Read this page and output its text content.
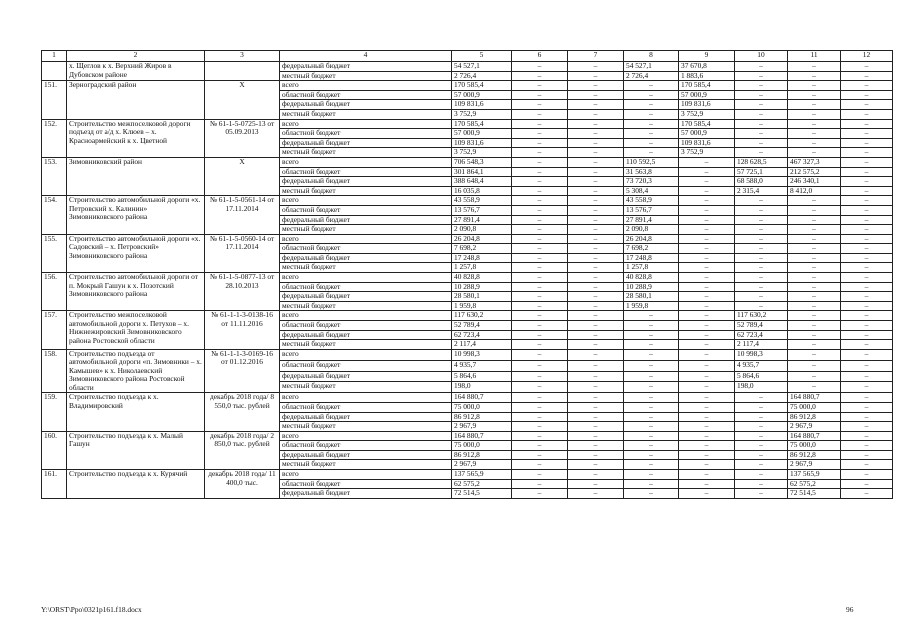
1	2	3	4	5	6	7	8	9	10	11	12
	х. Щеглов к х. Верхний Жиров в Дубовском районе		федеральный бюджет	54 527,1	–	–	54 527,1	37 670,8	–	–	–
			местный бюджет	2 726,4	–	–	2 726,4	1 883,6	–	–	–
151.	Зерноградский район	Х	всего	170 585,4	–	–	–	170 585,4	–	–	–
			областной бюджет	57 000,9	–	–	–	57 000,9	–	–	–
			федеральный бюджет	109 831,6	–	–	–	109 831,6	–	–	–
			местный бюджет	3 752,9	–	–	–	3 752,9	–	–	–
152.	Строительство межпоселковой дороги подъезд от а/д х. Клюев – х. Красноармейский к х. Цветной	№ 61-1-5-0725-13 от 05.09.2013	всего	170 585,4	–	–	–	170 585,4	–	–	–
			областной бюджет	57 000,9	–	–	–	57 000,9	–	–	–
			федеральный бюджет	109 831,6	–	–	–	109 831,6	–	–	–
			местный бюджет	3 752,9	–	–	–	3 752,9	–	–	–
153.	Зимовниковский район	Х	всего	706 548,3	–	–	110 592,5	–	128 628,5	467 327,3	–
			областной бюджет	301 864,1	–	–	31 563,8	–	57 725,1	212 575,2	–
			федеральный бюджет	388 648,4	–	–	73 720,3	–	68 588,0	246 340,1	–
			местный бюджет	16 035,8	–	–	5 308,4	–	2 315,4	8 412,0	–
154.	Строительство автомобильной дороги «х. Петровский х. Калинин» Зимовниковского района	№ 61-1-5-0561-14 от 17.11.2014	всего	43 558,9	–	–	43 558,9	–	–	–	–
			областной бюджет	13 576,7	–	–	13 576,7	–	–	–	–
			федеральный бюджет	27 891,4	–	–	27 891,4	–	–	–	–
			местный бюджет	2 090,8	–	–	2 090,8	–	–	–	–
155.	Строительство автомобильной дороги «х. Садовский – х. Петровский» Зимовниковского района	№ 61-1-5-0560-14 от 17.11.2014	всего	26 204,8	–	–	26 204,8	–	–	–	–
			областной бюджет	7 698,2	–	–	7 698,2	–	–	–	–
			федеральный бюджет	17 248,8	–	–	17 248,8	–	–	–	–
			местный бюджет	1 257,8	–	–	1 257,8	–	–	–	–
156.	Строительство автомобильной дороги от п. Мокрый Гашун к х. Позотский Зимовниковского района	№ 61-1-5-0877-13 от 28.10.2013	всего	40 828,8	–	–	40 828,8	–	–	–	–
			областной бюджет	10 288,9	–	–	10 288,9	–	–	–	–
			федеральный бюджет	28 580,1	–	–	28 580,1	–	–	–	–
			местный бюджет	1 959,8	–	–	1 959,8	–	–	–	–
157.	Строительство межпоселковой автомобильной дороги х. Петухов – х. Нижнежировский Зимовниковского района Ростовской области	№ 61-1-1-3-0138-16 от 11.11.2016	всего	117 630,2	–	–	–	–	117 630,2	–	–
			областной бюджет	52 789,4	–	–	–	–	52 789,4	–	–
			федеральный бюджет	62 723,4	–	–	–	–	62 723,4	–	–
			местный бюджет	2 117,4	–	–	–	–	2 117,4	–	–
158.	Строительство подъезда от автомобильной дороги «п. Зимовники – х. Камышев» к х. Николаевский Зимовниковского района Ростовской области	№ 61-1-1-3-0169-16 от 01.12.2016	всего	10 998,3	–	–	–	–	10 998,3	–	–
			областной бюджет	4 935,7	–	–	–	–	4 935,7	–	–
			федеральный бюджет	5 864,6	–	–	–	–	5 864,6	–	–
			местный бюджет	198,0	–	–	–	–	198,0	–	–
159.	Строительство подъезда к х. Владимировский	декабрь 2018 года/ 8 550,0 тыс. рублей	всего	164 880,7	–	–	–	–	–	164 880,7	–
			областной бюджет	75 000,0	–	–	–	–	–	75 000,0	–
			федеральный бюджет	86 912,8	–	–	–	–	–	86 912,8	–
			местный бюджет	2 967,9	–	–	–	–	–	2 967,9	–
160.	Строительство подъезда к х. Малый Гашун	декабрь 2018 года/ 2 850,0 тыс. рублей	всего	164 880,7	–	–	–	–	–	164 880,7	–
			областной бюджет	75 000,0	–	–	–	–	–	75 000,0	–
			федеральный бюджет	86 912,8	–	–	–	–	–	86 912,8	–
			местный бюджет	2 967,9	–	–	–	–	–	2 967,9	–
161.	Строительство подъезда к х. Курячий	декабрь 2018 года/ 11 400,0 тыс.	всего	137 565,9	–	–	–	–	–	137 565,9	–
			областной бюджет	62 575,2	–	–	–	–	–	62 575,2	–
			федеральный бюджет	72 514,5	–	–	–	–	–	72 514,5	–
Y:\ORST\Ppo\0321p161.f18.docx	96
